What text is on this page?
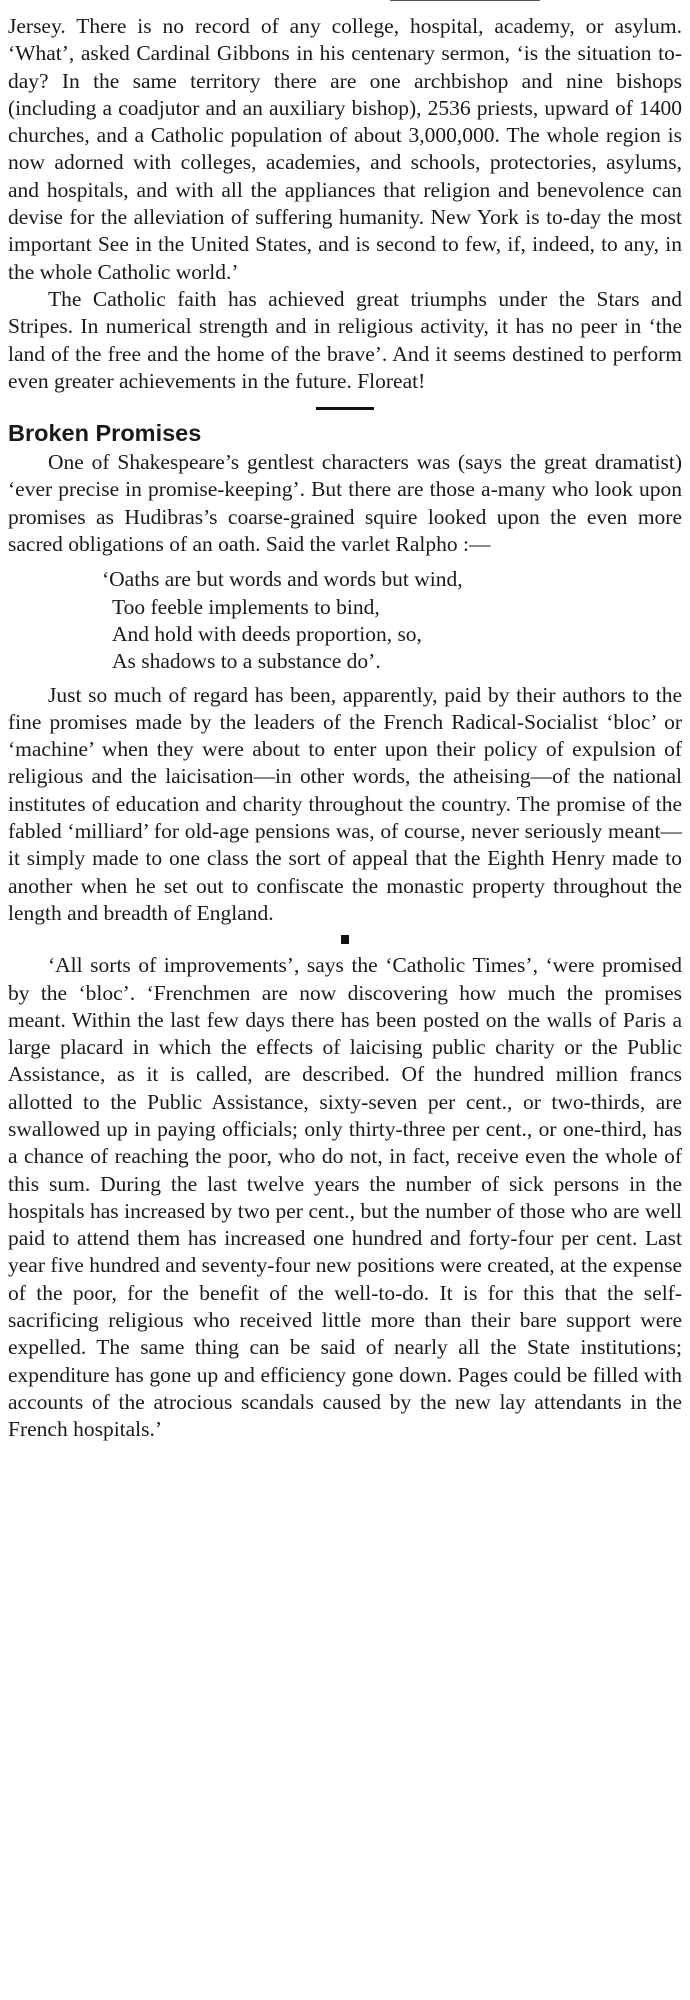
Jersey. There is no record of any college, hospital, academy, or asylum. ‘What’, asked Cardinal Gibbons in his centenary sermon, ‘is the situation to-day? In the same territory there are one archbishop and nine bishops (including a coadjutor and an auxiliary bishop), 2536 priests, upward of 1400 churches, and a Catholic population of about 3,000,000. The whole region is now adorned with colleges, academies, and schools, protectories, asylums, and hospitals, and with all the appliances that religion and benevolence can devise for the alleviation of suffering humanity. New York is to-day the most important See in the United States, and is second to few, if, indeed, to any, in the whole Catholic world.’

The Catholic faith has achieved great triumphs under the Stars and Stripes. In numerical strength and in religious activity, it has no peer in ‘the land of the free and the home of the brave’. And it seems destined to perform even greater achievements in the future. Floreat!

Broken Promises

One of Shakespeare’s gentlest characters was (says the great dramatist) ‘ever precise in promise-keeping’. But there are those a-many who look upon promises as Hudibras’s coarse-grained squire looked upon the even more sacred obligations of an oath. Said the varlet Ralpho :—

‘Oaths are but words and words but wind,
Too feeble implements to bind,
And hold with deeds proportion, so,
As shadows to a substance do’.

Just so much of regard has been, apparently, paid by their authors to the fine promises made by the leaders of the French Radical-Socialist ‘bloc’ or ‘machine’ when they were about to enter upon their policy of expulsion of religious and the laicisation—in other words, the atheising—of the national institutes of education and charity throughout the country. The promise of the fabled ‘milliard’ for old-age pensions was, of course, never seriously meant—it simply made to one class the sort of appeal that the Eighth Henry made to another when he set out to confiscate the monastic property throughout the length and breadth of England.

‘All sorts of improvements’, says the ‘Catholic Times’, ‘were promised by the ‘bloc’. ‘Frenchmen are now discovering how much the promises meant. Within the last few days there has been posted on the walls of Paris a large placard in which the effects of laicising public charity or the Public Assistance, as it is called, are described. Of the hundred million francs allotted to the Public Assistance, sixty-seven per cent., or two-thirds, are swallowed up in paying officials; only thirty-three per cent., or one-third, has a chance of reaching the poor, who do not, in fact, receive even the whole of this sum. During the last twelve years the number of sick persons in the hospitals has increased by two per cent., but the number of those who are well paid to attend them has increased one hundred and forty-four per cent. Last year five hundred and seventy-four new positions were created, at the expense of the poor, for the benefit of the well-to-do. It is for this that the self-sacrificing religious who received little more than their bare support were expelled. The same thing can be said of nearly all the State institutions; expenditure has gone up and efficiency gone down. Pages could be filled with accounts of the atrocious scandals caused by the new lay attendants in the French hospitals.’
